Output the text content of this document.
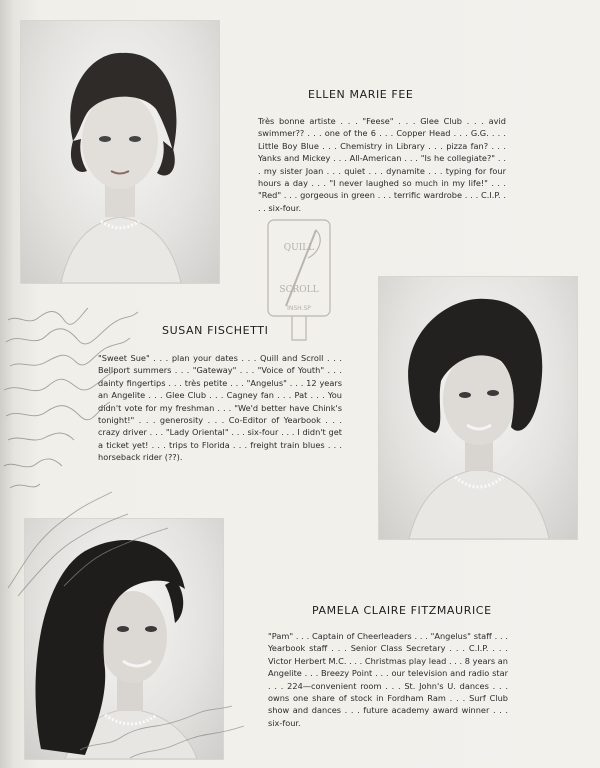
ELLEN MARIE FEE
Très bonne artiste . . . "Feese" . . . Glee Club . . . avid swimmer?? . . . one of the 6 . . . Copper Head . . . G.G. . . . Little Boy Blue . . . Chemistry in Library . . . pizza fan? . . . Yanks and Mickey . . . All-American . . . "Is he collegiate?" . . . my sister Joan . . . quiet . . . dynamite . . . typing for four hours a day . . . "I never laughed so much in my life!" . . . "Red" . . . gorgeous in green . . . terrific wardrobe . . . C.I.P. . . . six-four.
SUSAN FISCHETTI
"Sweet Sue" . . . plan your dates . . . Quill and Scroll . . . Bellport summers . . . "Gateway" . . . "Voice of Youth" . . . dainty fingertips . . . très petite . . . "Angelus" . . . 12 years an Angelite . . . Glee Club . . . Cagney fan . . . Pat . . . You didn't vote for my freshman . . . "We'd better have Chink's tonight!" . . . generosity . . . Co-Editor of Yearbook . . . crazy driver . . . "Lady Oriental" . . . six-four . . . I didn't get a ticket yet! . . . trips to Florida . . . freight train blues . . . horseback rider (??).
PAMELA CLAIRE FITZMAURICE
"Pam" . . . Captain of Cheerleaders . . . "Angelus" staff . . . Yearbook staff . . . Senior Class Secretary . . . C.I.P. . . . Victor Herbert M.C. . . . Christmas play lead . . . 8 years an Angelite . . . Breezy Point . . . our television and radio star . . . 224—convenient room . . . St. John's U. dances . . . owns one share of stock in Fordham Ram . . . Surf Club show and dances . . . future academy award winner . . . six-four.
QUILL
SCROLL
INSH.SP
